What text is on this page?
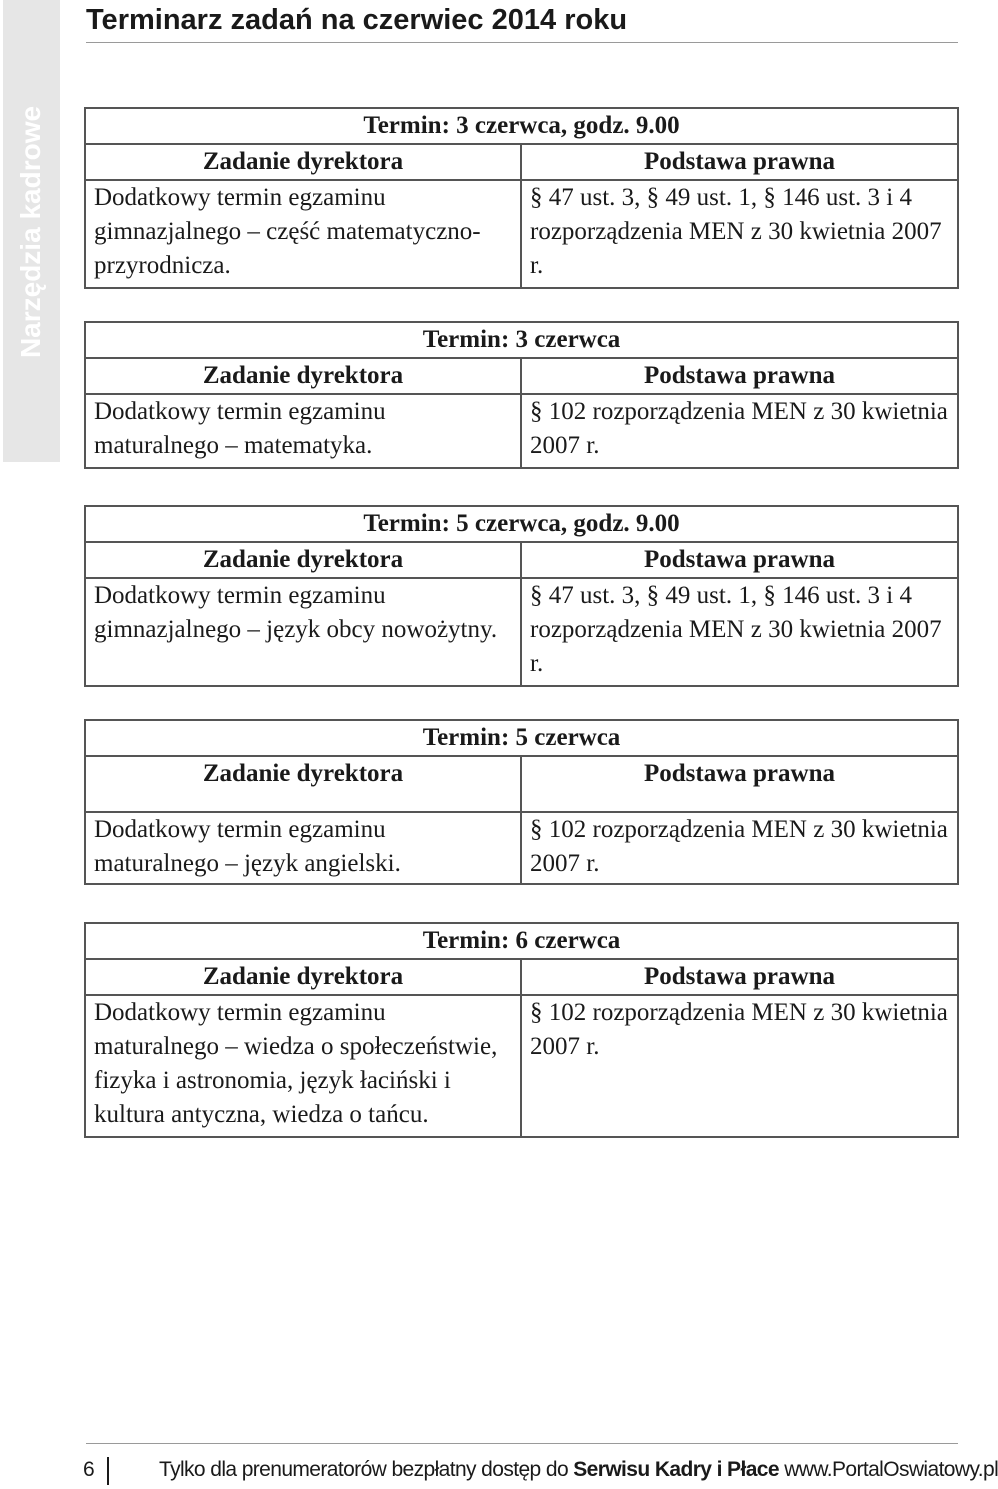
Narzędzia kadrowe
Terminarz zadań na czerwiec 2014 roku
Termin: 3 czerwca, godz. 9.00	
Zadanie dyrektora	Podstawa prawna
Dodatkowy termin egzaminu gimnazjalnego – część matematyczno-przyrodnicza.	§ 47 ust. 3, § 49 ust. 1, § 146 ust. 3 i 4 rozporządzenia MEN z 30 kwietnia 2007 r.
Termin: 3 czerwca	
Zadanie dyrektora	Podstawa prawna
Dodatkowy termin egzaminu maturalnego – matematyka.	§ 102 rozporządzenia MEN z 30 kwietnia 2007 r.
Termin: 5 czerwca, godz. 9.00	
Zadanie dyrektora	Podstawa prawna
Dodatkowy termin egzaminu gimnazjalnego – język obcy nowożytny.	§ 47 ust. 3, § 49 ust. 1, § 146 ust. 3 i 4 rozporządzenia MEN z 30 kwietnia 2007 r.
Termin: 5 czerwca	
Zadanie dyrektora	Podstawa prawna
Dodatkowy termin egzaminu maturalnego – język angielski.	§ 102 rozporządzenia MEN z 30 kwietnia 2007 r.
Termin: 6 czerwca	
Zadanie dyrektora	Podstawa prawna
Dodatkowy termin egzaminu maturalnego – wiedza o społeczeństwie, fizyka i astronomia, język łaciński i kultura antyczna, wiedza o tańcu.	§ 102 rozporządzenia MEN z 30 kwietnia 2007 r.
6	Tylko dla prenumeratorów bezpłatny dostęp do Serwisu Kadry i Płace www.PortalOswiatowy.pl
